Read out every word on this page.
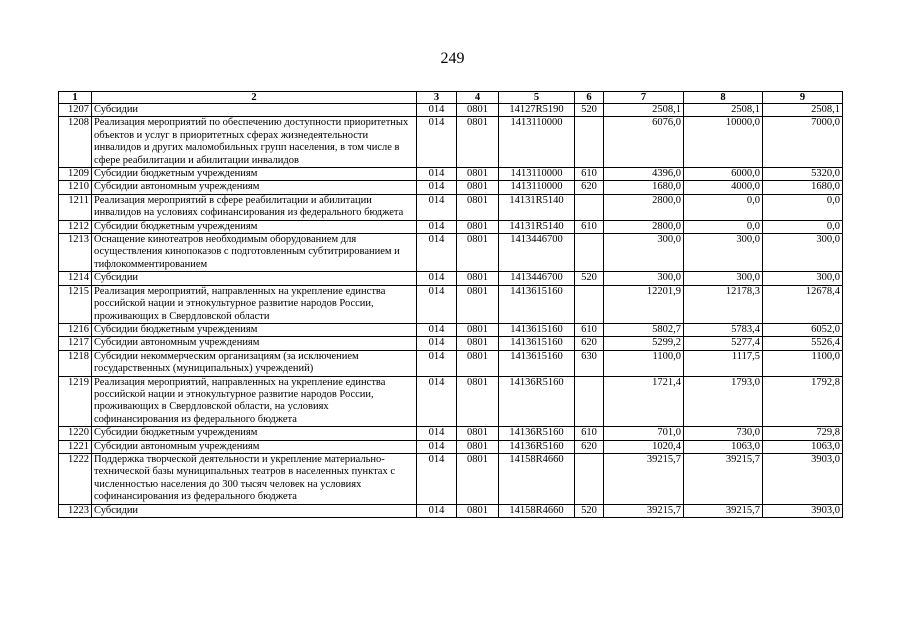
249
1	2	3	4	5	6	7	8	9
1207	Субсидии	014	0801	14127R5190	520	2508,1	2508,1	2508,1
1208	Реализация мероприятий по обеспечению доступности приоритетных объектов и услуг в приоритетных сферах жизнедеятельности инвалидов и других маломобильных групп населения, в том числе в сфере реабилитации и абилитации инвалидов	014	0801	1413110000		6076,0	10000,0	7000,0
1209	Субсидии бюджетным учреждениям	014	0801	1413110000	610	4396,0	6000,0	5320,0
1210	Субсидии автономным учреждениям	014	0801	1413110000	620	1680,0	4000,0	1680,0
1211	Реализация мероприятий в сфере реабилитации и абилитации инвалидов на условиях софинансирования из федерального бюджета	014	0801	14131R5140		2800,0	0,0	0,0
1212	Субсидии бюджетным учреждениям	014	0801	14131R5140	610	2800,0	0,0	0,0
1213	Оснащение кинотеатров необходимым оборудованием для осуществления кинопоказов с подготовленным субтитрированием и тифлокомментированием	014	0801	1413446700		300,0	300,0	300,0
1214	Субсидии	014	0801	1413446700	520	300,0	300,0	300,0
1215	Реализация мероприятий, направленных на укрепление единства российской нации и этнокультурное развитие народов России, проживающих в Свердловской области	014	0801	1413615160		12201,9	12178,3	12678,4
1216	Субсидии бюджетным учреждениям	014	0801	1413615160	610	5802,7	5783,4	6052,0
1217	Субсидии автономным учреждениям	014	0801	1413615160	620	5299,2	5277,4	5526,4
1218	Субсидии некоммерческим организациям (за исключением государственных (муниципальных) учреждений)	014	0801	1413615160	630	1100,0	1117,5	1100,0
1219	Реализация мероприятий, направленных на укрепление единства российской нации и этнокультурное развитие народов России, проживающих в Свердловской области, на условиях софинансирования из федерального бюджета	014	0801	14136R5160		1721,4	1793,0	1792,8
1220	Субсидии бюджетным учреждениям	014	0801	14136R5160	610	701,0	730,0	729,8
1221	Субсидии автономным учреждениям	014	0801	14136R5160	620	1020,4	1063,0	1063,0
1222	Поддержка творческой деятельности и укрепление материально-технической базы муниципальных театров в населенных пунктах с численностью населения до 300 тысяч человек на условиях софинансирования из федерального бюджета	014	0801	14158R4660		39215,7	39215,7	3903,0
1223	Субсидии	014	0801	14158R4660	520	39215,7	39215,7	3903,0
